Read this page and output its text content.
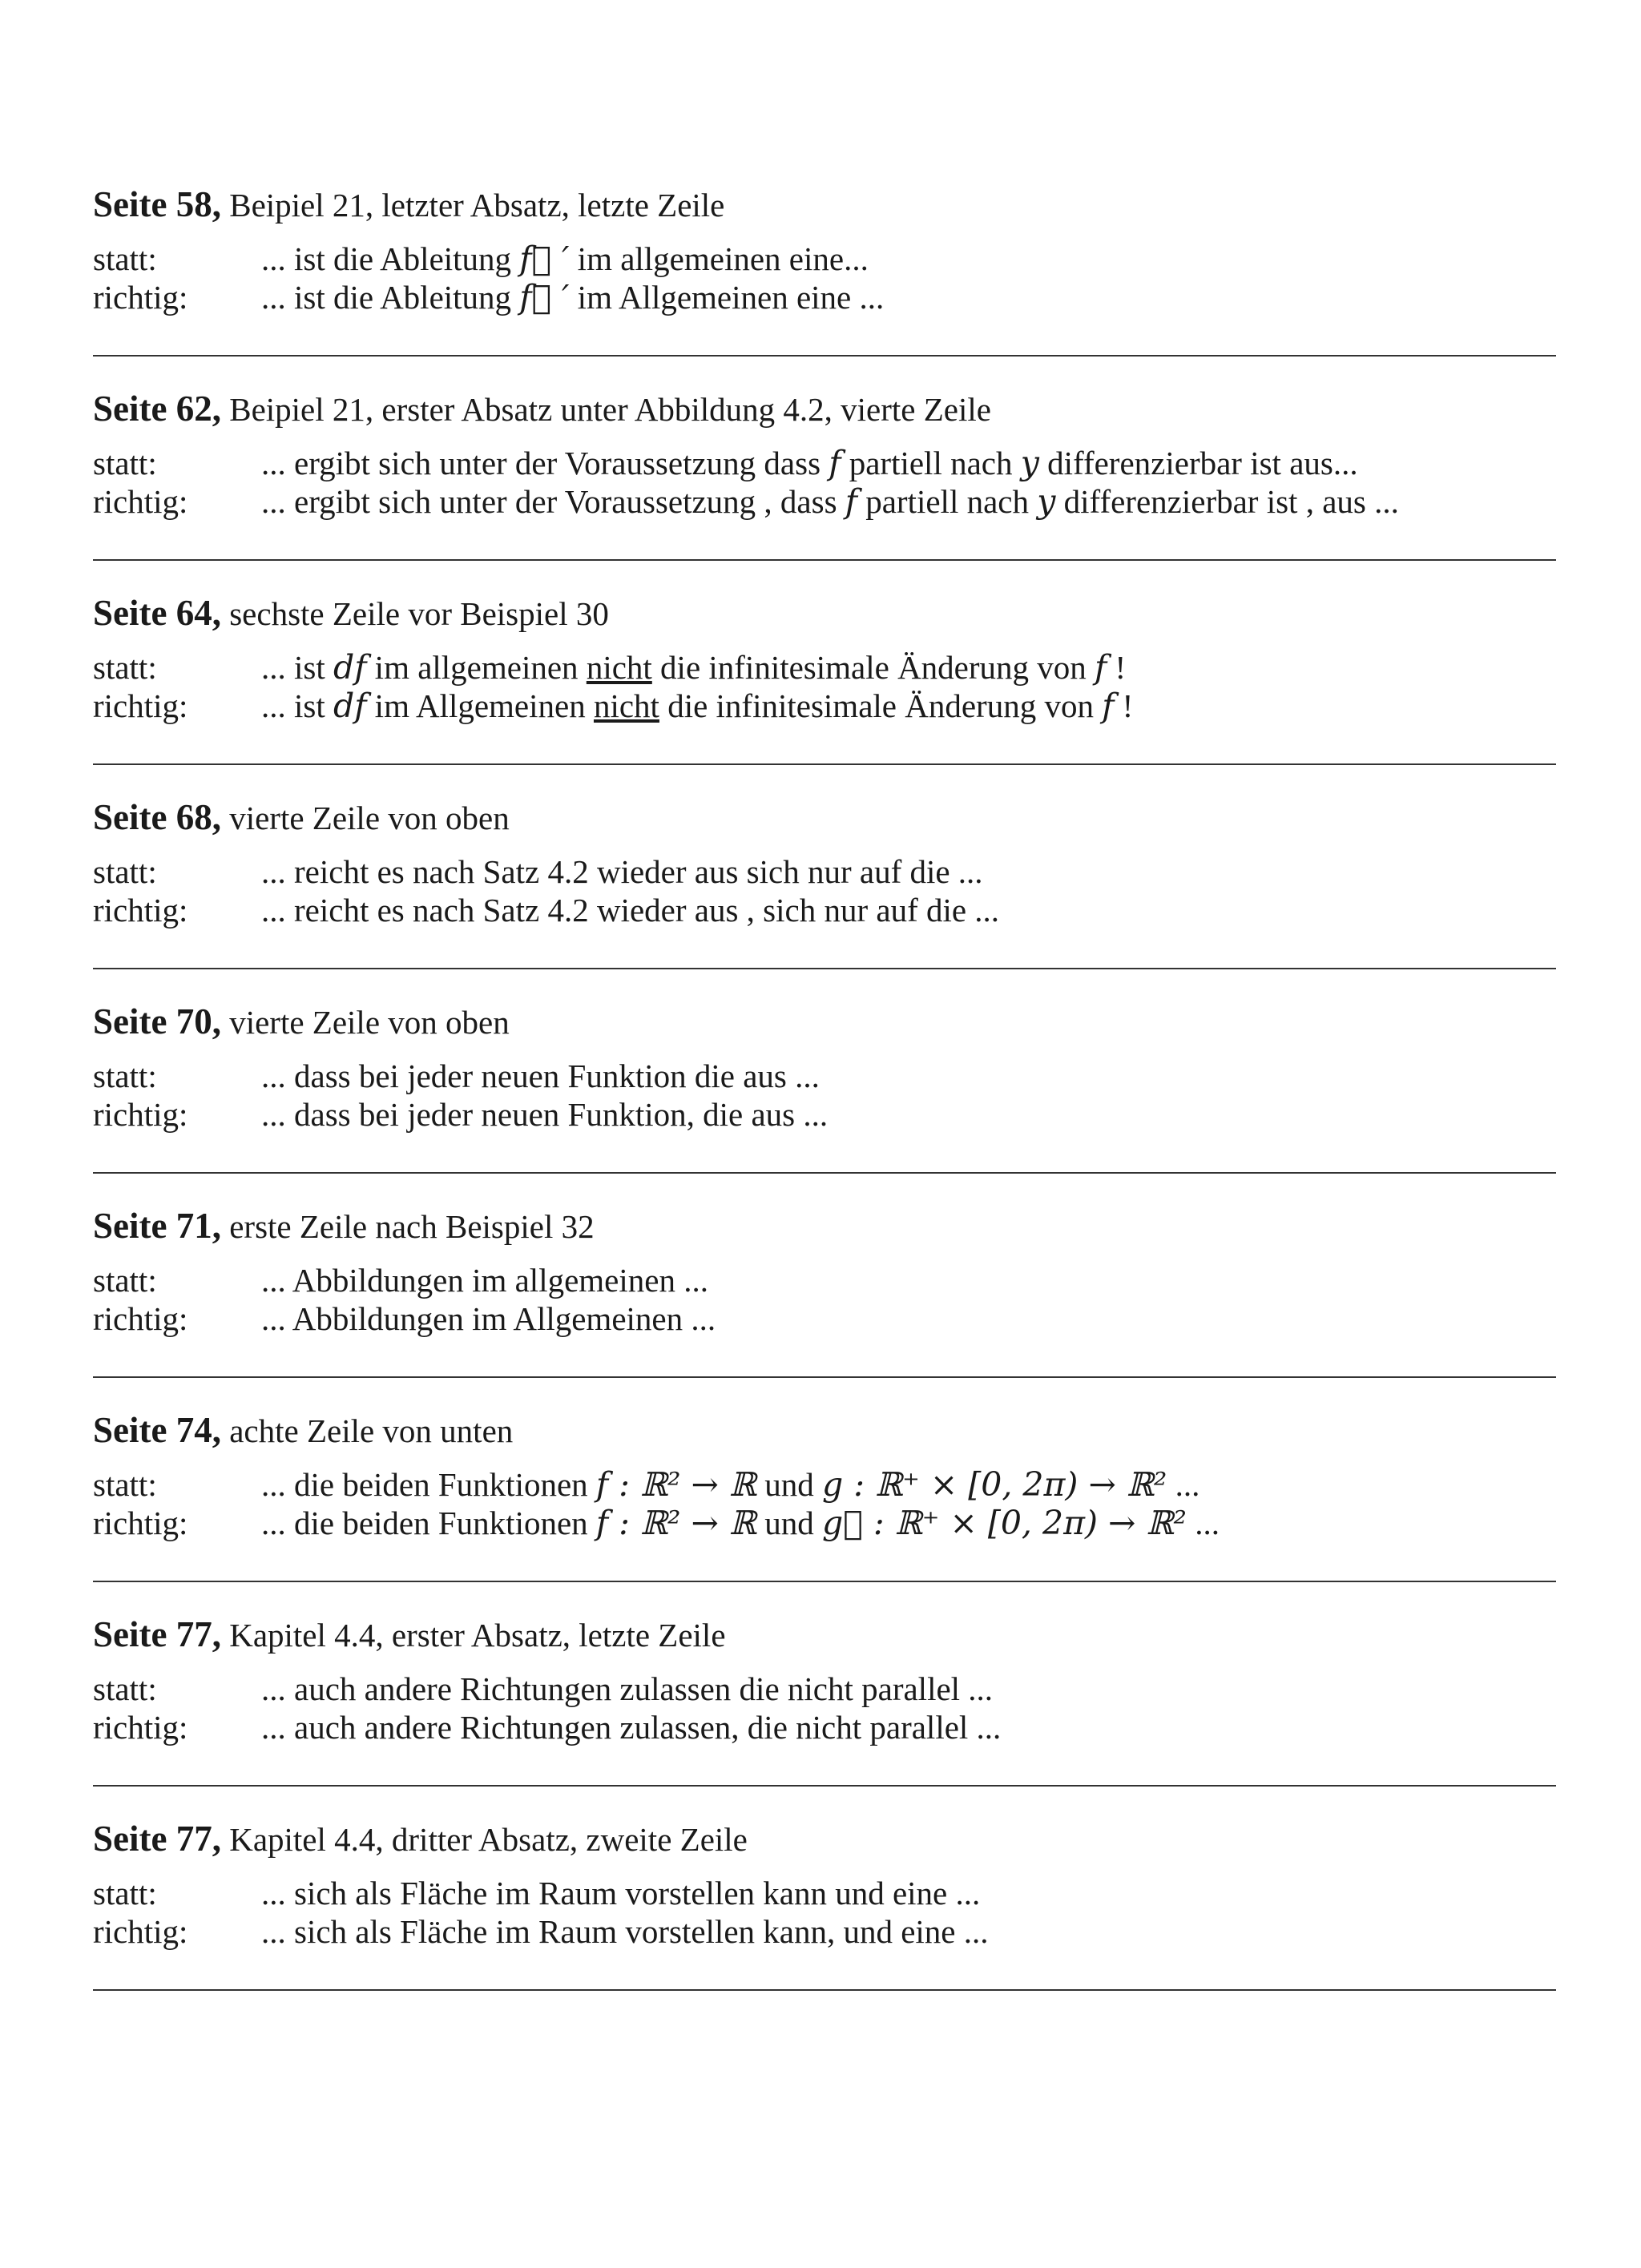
Seite 58, Beipiel 21, letzter Absatz, letzte Zeile
statt:	... ist die Ableitung f⃗ ′ im allgemeinen eine...
richtig: ... ist die Ableitung f⃗ ′ im Allgemeinen eine ...
Seite 62, Beipiel 21, erster Absatz unter Abbildung 4.2, vierte Zeile
statt:	... ergibt sich unter der Voraussetzung dass f partiell nach y differenzierbar ist aus...
richtig: ... ergibt sich unter der Voraussetzung , dass f partiell nach y differenzierbar ist , aus ...
Seite 64, sechste Zeile vor Beispiel 30
statt:	... ist df im allgemeinen nicht die infinitesimale Änderung von f !
richtig: ... ist df im Allgemeinen nicht die infinitesimale Änderung von f !
Seite 68, vierte Zeile von oben
statt:	... reicht es nach Satz 4.2 wieder aus sich nur auf die ...
richtig: ... reicht es nach Satz 4.2 wieder aus , sich nur auf die ...
Seite 70, vierte Zeile von oben
statt:	... dass bei jeder neuen Funktion die aus ...
richtig: ... dass bei jeder neuen Funktion, die aus ...
Seite 71, erste Zeile nach Beispiel 32
statt:	... Abbildungen im allgemeinen ...
richtig: ... Abbildungen im Allgemeinen ...
Seite 74, achte Zeile von unten
statt:	... die beiden Funktionen f : ℝ² → ℝ und g : ℝ⁺ × [0, 2π) → ℝ² ...
richtig: ... die beiden Funktionen f : ℝ² → ℝ und g⃗ : ℝ⁺ × [0, 2π) → ℝ² ...
Seite 77, Kapitel 4.4, erster Absatz, letzte Zeile
statt:	... auch andere Richtungen zulassen die nicht parallel ...
richtig: ... auch andere Richtungen zulassen, die nicht parallel ...
Seite 77, Kapitel 4.4, dritter Absatz, zweite Zeile
statt:	... sich als Fläche im Raum vorstellen kann und eine ...
richtig: ... sich als Fläche im Raum vorstellen kann, und eine ...
